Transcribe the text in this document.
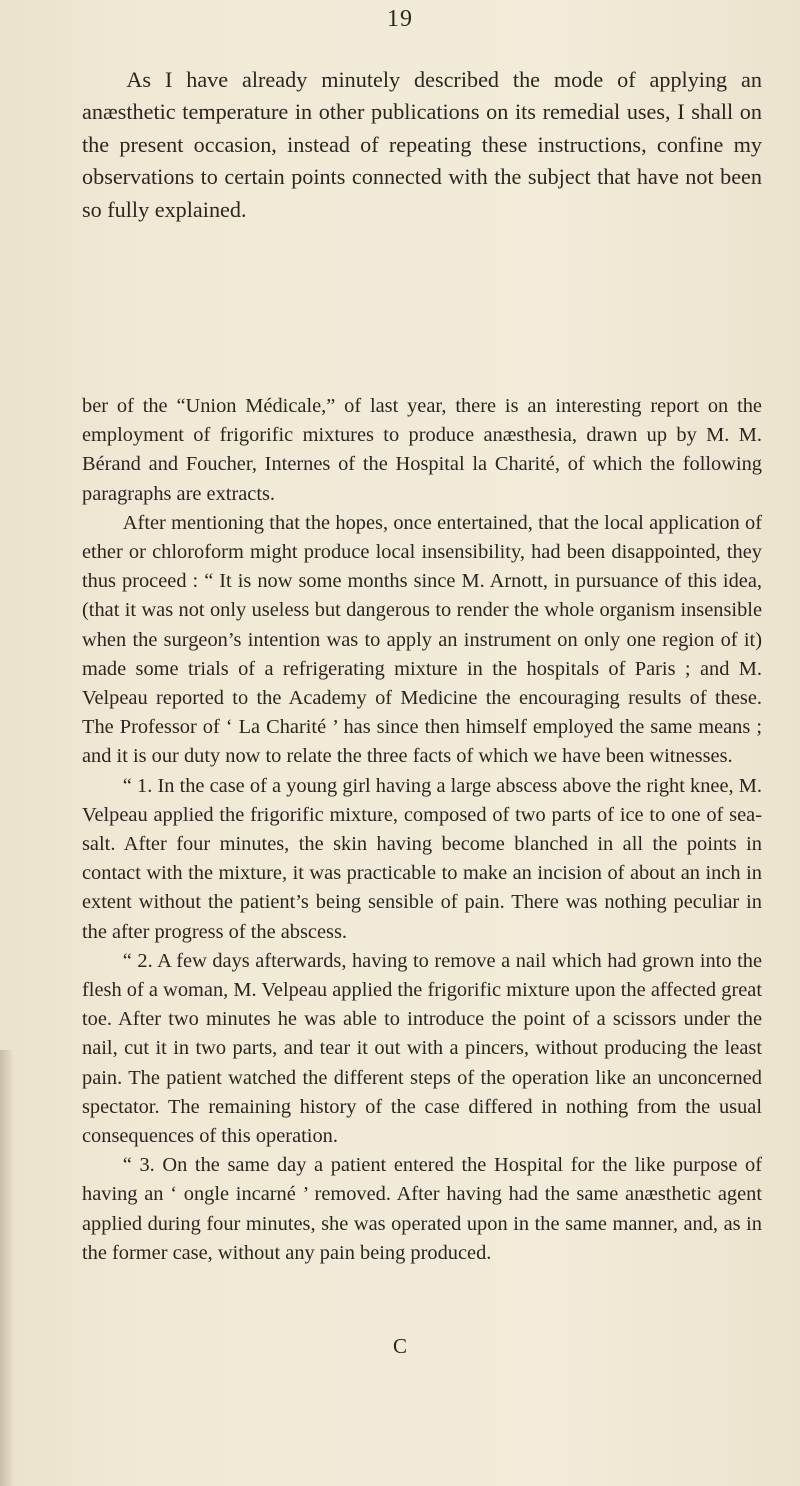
19

As I have already minutely described the mode of applying an anæsthetic temperature in other publications on its remedial uses, I shall on the present occasion, instead of repeating these instructions, confine my observations to certain points connected with the subject that have not been so fully explained.

ber of the “Union Médicale,” of last year, there is an interesting report on the employment of frigorific mixtures to produce anæsthesia, drawn up by M. M. Bérand and Foucher, Internes of the Hospital la Charité, of which the following paragraphs are extracts.

After mentioning that the hopes, once entertained, that the local application of ether or chloroform might produce local insensibility, had been disappointed, they thus proceed : “ It is now some months since M. Arnott, in pursuance of this idea, (that it was not only useless but dangerous to render the whole organism insensible when the surgeon’s intention was to apply an instrument on only one region of it) made some trials of a refrigerating mixture in the hospitals of Paris ; and M. Velpeau reported to the Academy of Medicine the encouraging results of these. The Professor of ‘ La Charité ’ has since then himself employed the same means ; and it is our duty now to relate the three facts of which we have been witnesses.

“ 1. In the case of a young girl having a large abscess above the right knee, M. Velpeau applied the frigorific mixture, composed of two parts of ice to one of sea-salt. After four minutes, the skin having become blanched in all the points in contact with the mixture, it was practicable to make an incision of about an inch in extent without the patient’s being sensible of pain. There was nothing peculiar in the after progress of the abscess.

“ 2. A few days afterwards, having to remove a nail which had grown into the flesh of a woman, M. Velpeau applied the frigorific mixture upon the affected great toe. After two minutes he was able to introduce the point of a scissors under the nail, cut it in two parts, and tear it out with a pincers, without producing the least pain. The patient watched the different steps of the operation like an unconcerned spectator. The remaining history of the case differed in nothing from the usual consequences of this operation.

“ 3. On the same day a patient entered the Hospital for the like purpose of having an ‘ ongle incarné ’ removed. After having had the same anæsthetic agent applied during four minutes, she was operated upon in the same manner, and, as in the former case, without any pain being produced.

C
